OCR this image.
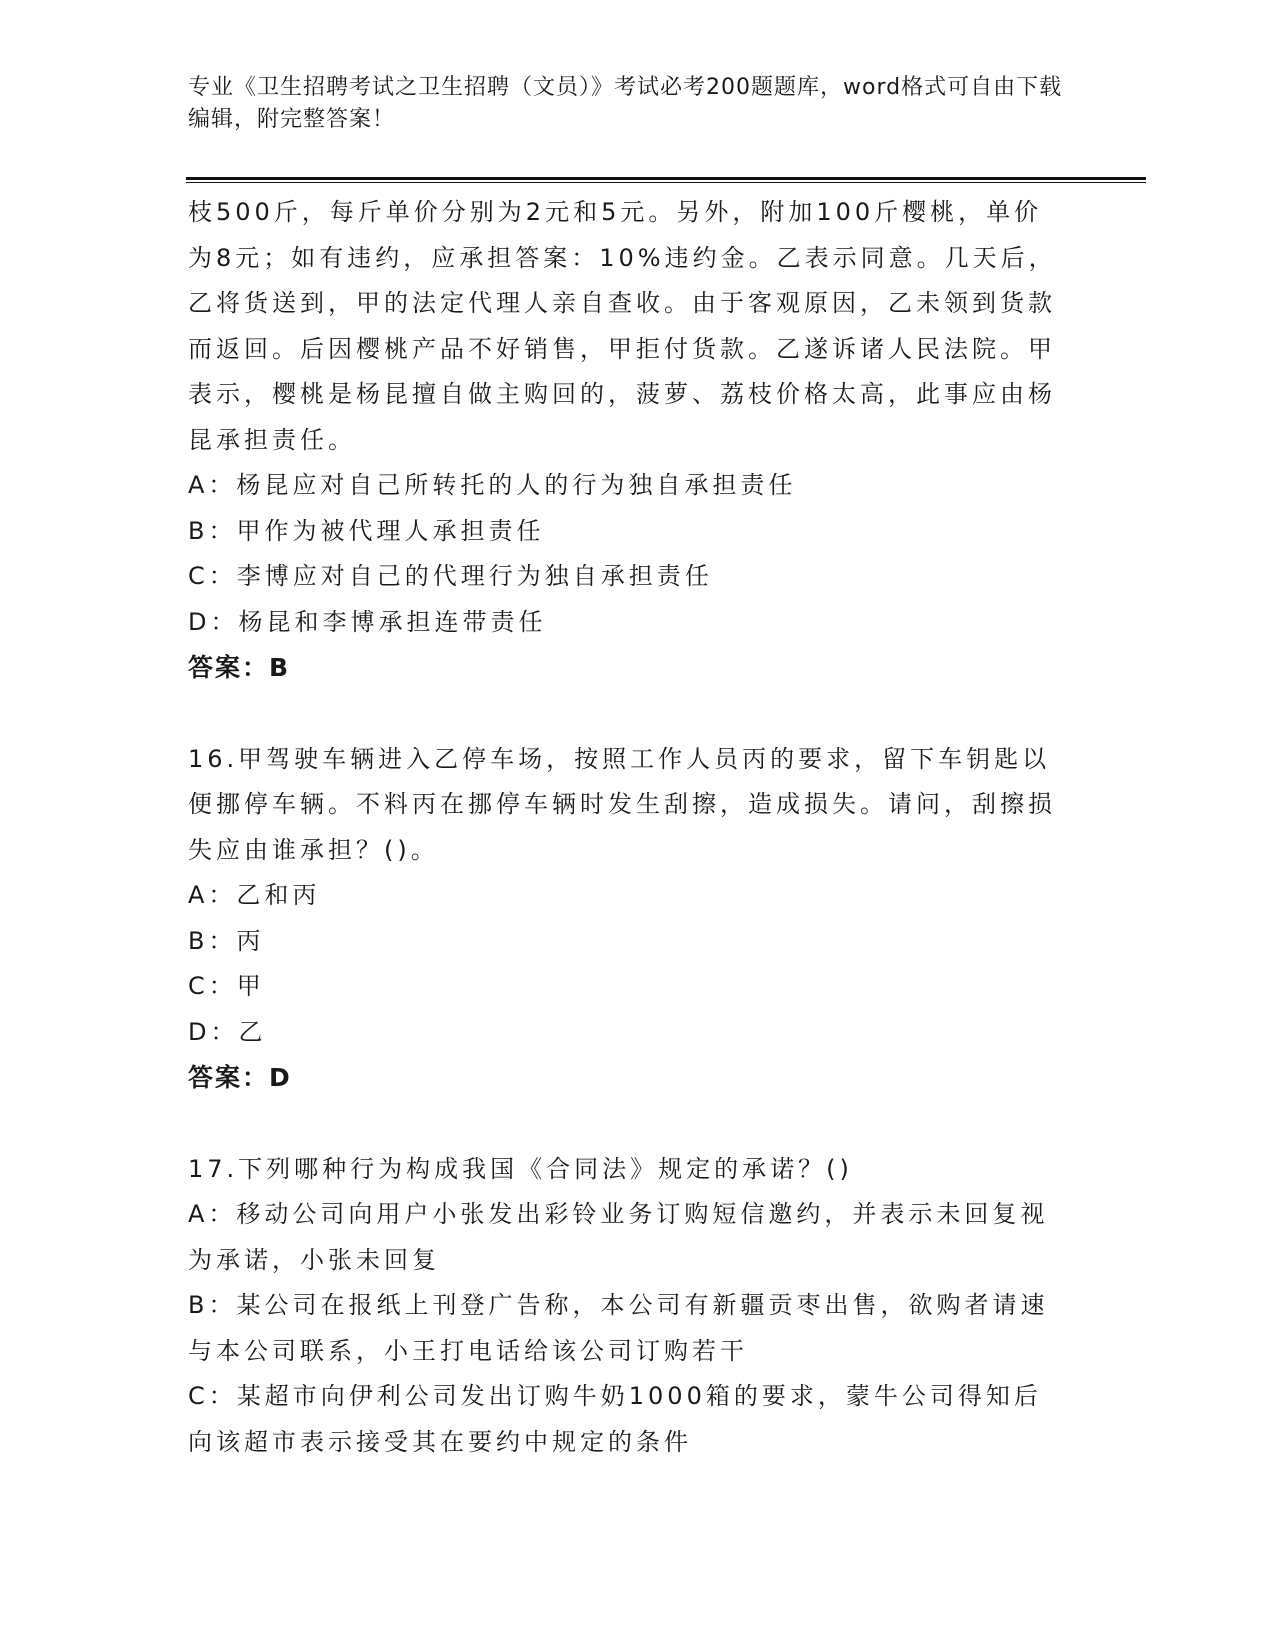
专业《卫生招聘考试之卫生招聘（文员）》考试必考200题题库，word格式可自由下载编辑，附完整答案！

枝500斤，每斤单价分别为2元和5元。另外，附加100斤樱桃，单价为8元；如有违约，应承担答案：10%违约金。乙表示同意。几天后，乙将货送到，甲的法定代理人亲自查收。由于客观原因，乙未领到货款而返回。后因樱桃产品不好销售，甲拒付货款。乙遂诉诸人民法院。甲表示，樱桃是杨昆擅自做主购回的，菠萝、荔枝价格太高，此事应由杨昆承担责任。

A：杨昆应对自己所转托的人的行为独自承担责任

B：甲作为被代理人承担责任

C：李博应对自己的代理行为独自承担责任

D：杨昆和李博承担连带责任

答案：B

16.甲驾驶车辆进入乙停车场，按照工作人员丙的要求，留下车钥匙以便挪停车辆。不料丙在挪停车辆时发生刮擦，造成损失。请问，刮擦损失应由谁承担？()。

A：乙和丙

B：丙

C：甲

D：乙

答案：D

17.下列哪种行为构成我国《合同法》规定的承诺？()

A：移动公司向用户小张发出彩铃业务订购短信邀约，并表示未回复视为承诺，小张未回复

B：某公司在报纸上刊登广告称，本公司有新疆贡枣出售，欲购者请速与本公司联系，小王打电话给该公司订购若干

C：某超市向伊利公司发出订购牛奶1000箱的要求，蒙牛公司得知后向该超市表示接受其在要约中规定的条件
